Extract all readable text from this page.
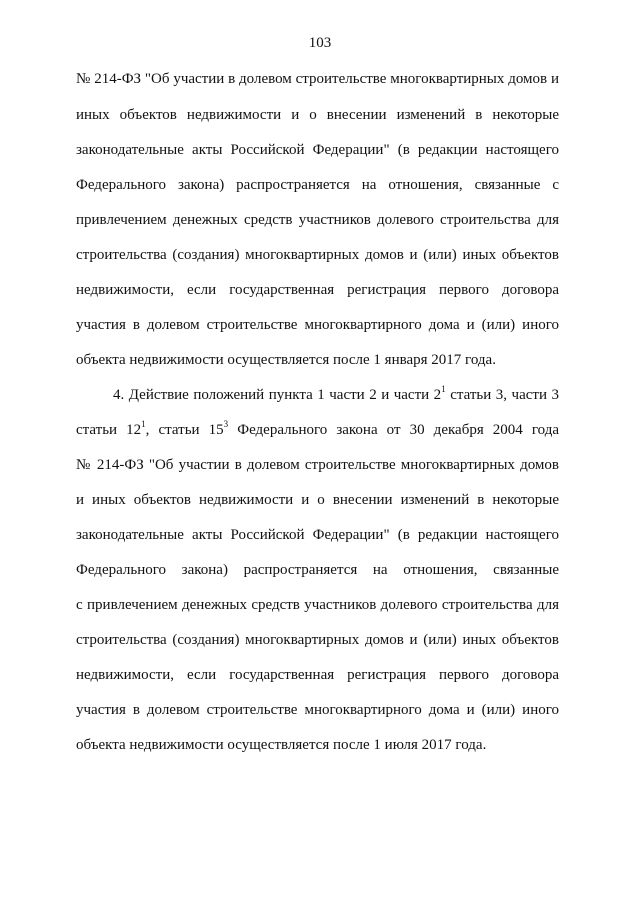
103
№ 214-ФЗ "Об участии в долевом строительстве многоквартирных домов и
иных объектов недвижимости и о внесении изменений в некоторые
законодательные акты Российской Федерации" (в редакции настоящего
Федерального закона) распространяется на отношения, связанные с
привлечением денежных средств участников долевого строительства для
строительства (создания) многоквартирных домов и (или) иных объектов
недвижимости, если государственная регистрация первого договора
участия в долевом строительстве многоквартирного дома и (или) иного
объекта недвижимости осуществляется после 1 января 2017 года.
4. Действие положений пункта 1 части 2 и части $2^1$ статьи 3, части 3
статьи $12^1$, статьи $15^3$ Федерального закона от 30 декабря 2004 года
№ 214-ФЗ "Об участии в долевом строительстве многоквартирных домов
и иных объектов недвижимости и о внесении изменений в некоторые
законодательные акты Российской Федерации" (в редакции настоящего
Федерального закона) распространяется на отношения, связанные
с привлечением денежных средств участников долевого строительства для
строительства (создания) многоквартирных домов и (или) иных объектов
недвижимости, если государственная регистрация первого договора
участия в долевом строительстве многоквартирного дома и (или) иного
объекта недвижимости осуществляется после 1 июля 2017 года.
